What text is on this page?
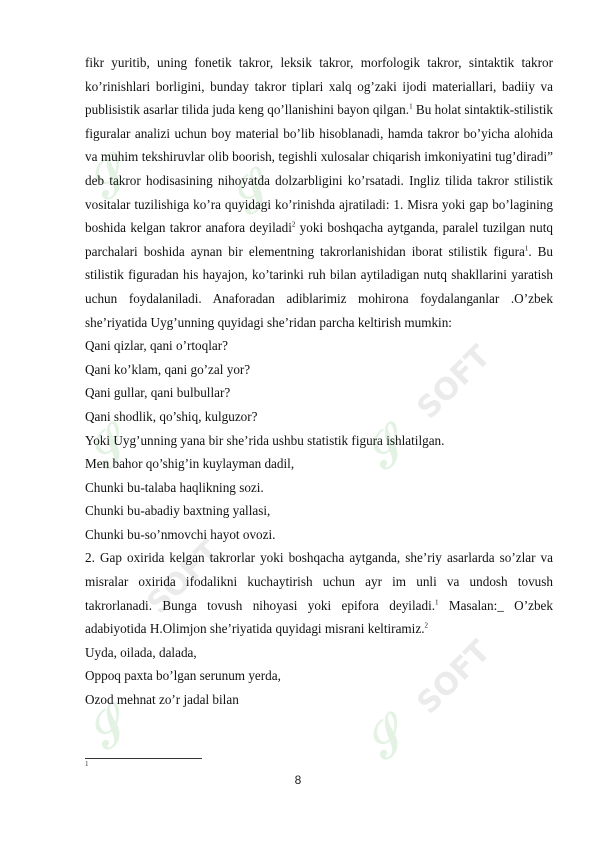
𝒮
𝒮
𝒮
𝒮
𝒮
𝒮
SOFT
SOFT
SOFT

fikr yuritib, uning fonetik takror, leksik takror, morfologik takror, sintaktik takror ko’rinishlari borligini, bunday takror tiplari xalq og’zaki ijodi materiallari, badiiy va publisistik asarlar tilida juda keng qo’llanishini bayon qilgan.$^1$ Bu holat sintaktik-stilistik figuralar analizi uchun boy material bo’lib hisoblanadi, hamda takror bo’yicha alohida va muhim tekshiruvlar olib boorish, tegishli xulosalar chiqarish imkoniyatini tug’diradi” deb takror hodisasining nihoyatda dolzarbligini ko’rsatadi. Ingliz tilida takror stilistik vositalar tuzilishiga ko’ra quyidagi ko’rinishda ajratiladi: 1. Misra yoki gap bo’lagining boshida kelgan takror anafora deyiladi$^2$ yoki boshqacha aytganda, paralel tuzilgan nutq parchalari boshida aynan bir elementning takrorlanishidan iborat stilistik figura$^1$. Bu stilistik figuradan his hayajon, ko’tarinki ruh bilan aytiladigan nutq shakllarini yaratish uchun foydalaniladi. Anaforadan adiblarimiz mohirona foydalanganlar .O’zbek she’riyatida Uyg’unning quyidagi she’ridan parcha keltirish mumkin:

Qani qizlar, qani o’rtoqlar?

Qani ko’klam, qani go’zal yor?

Qani gullar, qani bulbullar?

Qani shodlik, qo’shiq, kulguzor?

Yoki Uyg’unning yana bir she’rida ushbu statistik figura ishlatilgan.

Men bahor qo’shig’in kuylayman dadil,

Chunki bu-talaba haqlikning sozi.

Chunki bu-abadiy baxtning yallasi,

Chunki bu-so’nmovchi hayot ovozi.

2. Gap oxirida kelgan takrorlar yoki boshqacha aytganda, she’riy asarlarda so’zlar va misralar oxirida ifodalikni kuchaytirish uchun ayr im unli va undosh tovush takrorlanadi. Bunga tovush nihoyasi yoki epifora deyiladi.$^1$ Masalan:_ O’zbek adabiyotida H.Olimjon she’riyatida quyidagi misrani keltiramiz.$^2$

Uyda, oilada, dalada,

Oppoq paxta bo’lgan serunum yerda,

Ozod mehnat zo’r jadal bilan

1
8
